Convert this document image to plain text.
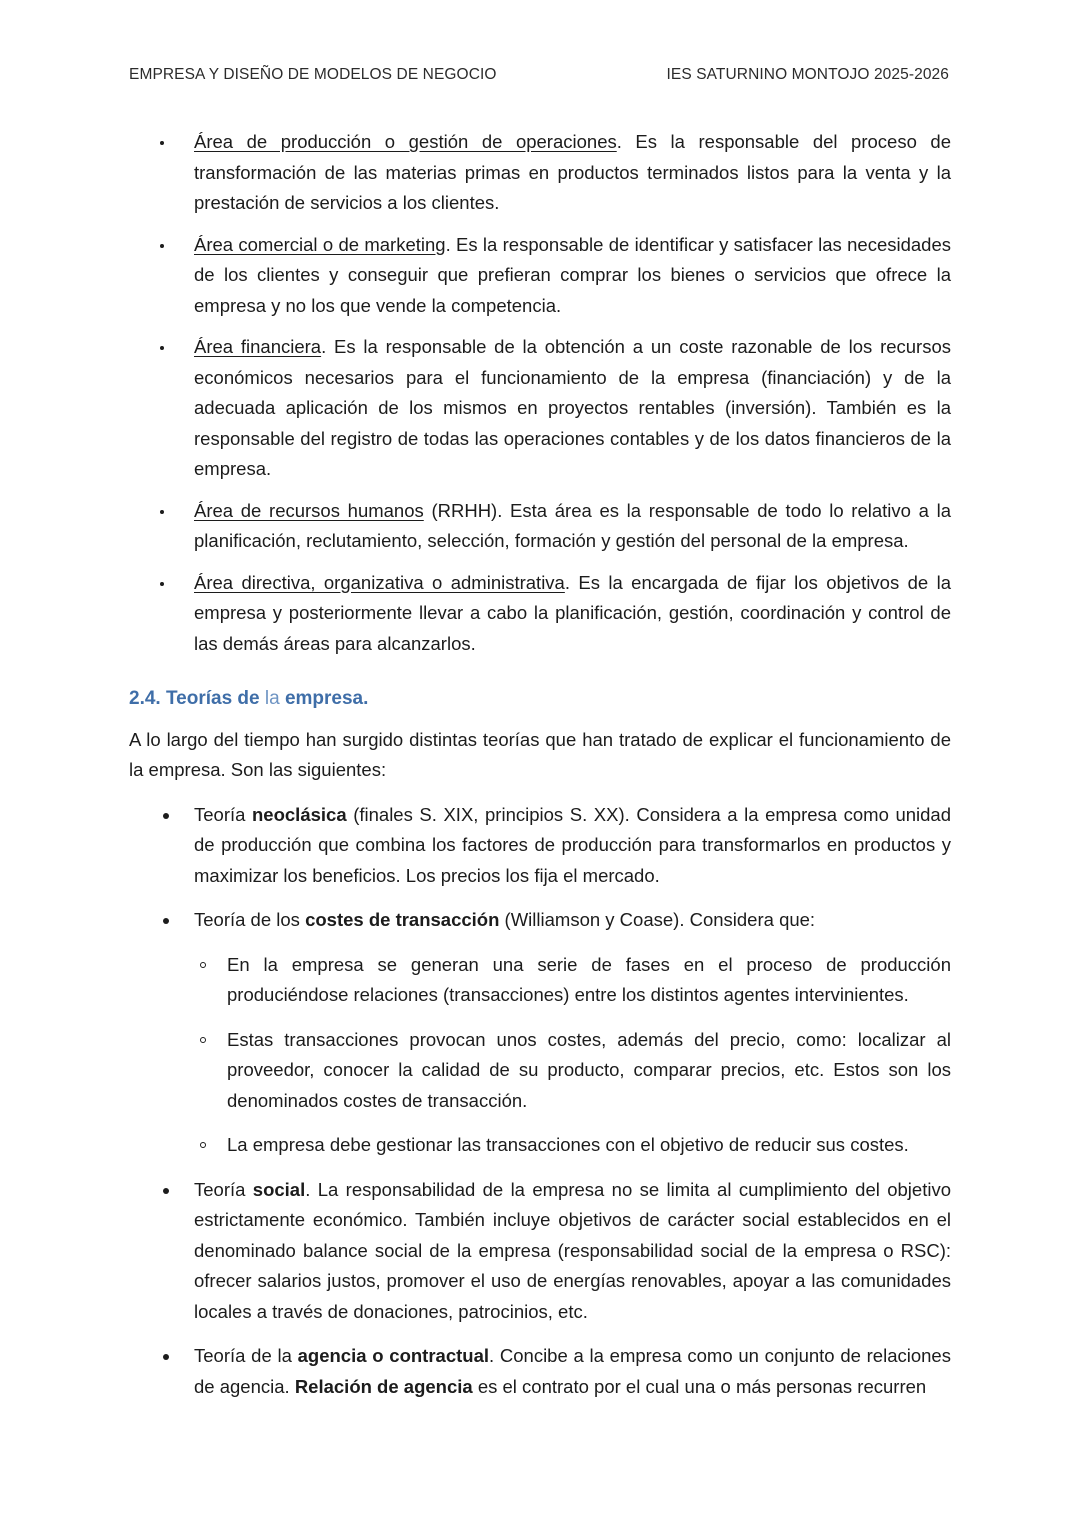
EMPRESA Y DISEÑO DE MODELOS DE NEGOCIO	IES SATURNINO MONTOJO 2025-2026
Área de producción o gestión de operaciones. Es la responsable del proceso de transformación de las materias primas en productos terminados listos para la venta y la prestación de servicios a los clientes.
Área comercial o de marketing. Es la responsable de identificar y satisfacer las necesidades de los clientes y conseguir que prefieran comprar los bienes o servicios que ofrece la empresa y no los que vende la competencia.
Área financiera. Es la responsable de la obtención a un coste razonable de los recursos económicos necesarios para el funcionamiento de la empresa (financiación) y de la adecuada aplicación de los mismos en proyectos rentables (inversión). También es la responsable del registro de todas las operaciones contables y de los datos financieros de la empresa.
Área de recursos humanos (RRHH). Esta área es la responsable de todo lo relativo a la planificación, reclutamiento, selección, formación y gestión del personal de la empresa.
Área directiva, organizativa o administrativa. Es la encargada de fijar los objetivos de la empresa y posteriormente llevar a cabo la planificación, gestión, coordinación y control de las demás áreas para alcanzarlos.

2.4. Teorías de la empresa.

A lo largo del tiempo han surgido distintas teorías que han tratado de explicar el funcionamiento de la empresa. Son las siguientes:

Teoría neoclásica (finales S. XIX, principios S. XX). Considera a la empresa como unidad de producción que combina los factores de producción para transformarlos en productos y maximizar los beneficios. Los precios los fija el mercado.
Teoría de los costes de transacción (Williamson y Coase). Considera que:
En la empresa se generan una serie de fases en el proceso de producción produciéndose relaciones (transacciones) entre los distintos agentes intervinientes.
Estas transacciones provocan unos costes, además del precio, como: localizar al proveedor, conocer la calidad de su producto, comparar precios, etc. Estos son los denominados costes de transacción.
La empresa debe gestionar las transacciones con el objetivo de reducir sus costes.
Teoría social. La responsabilidad de la empresa no se limita al cumplimiento del objetivo estrictamente económico. También incluye objetivos de carácter social establecidos en el denominado balance social de la empresa (responsabilidad social de la empresa o RSC): ofrecer salarios justos, promover el uso de energías renovables, apoyar a las comunidades locales a través de donaciones, patrocinios, etc.
Teoría de la agencia o contractual. Concibe a la empresa como un conjunto de relaciones de agencia. Relación de agencia es el contrato por el cual una o más personas recurren
